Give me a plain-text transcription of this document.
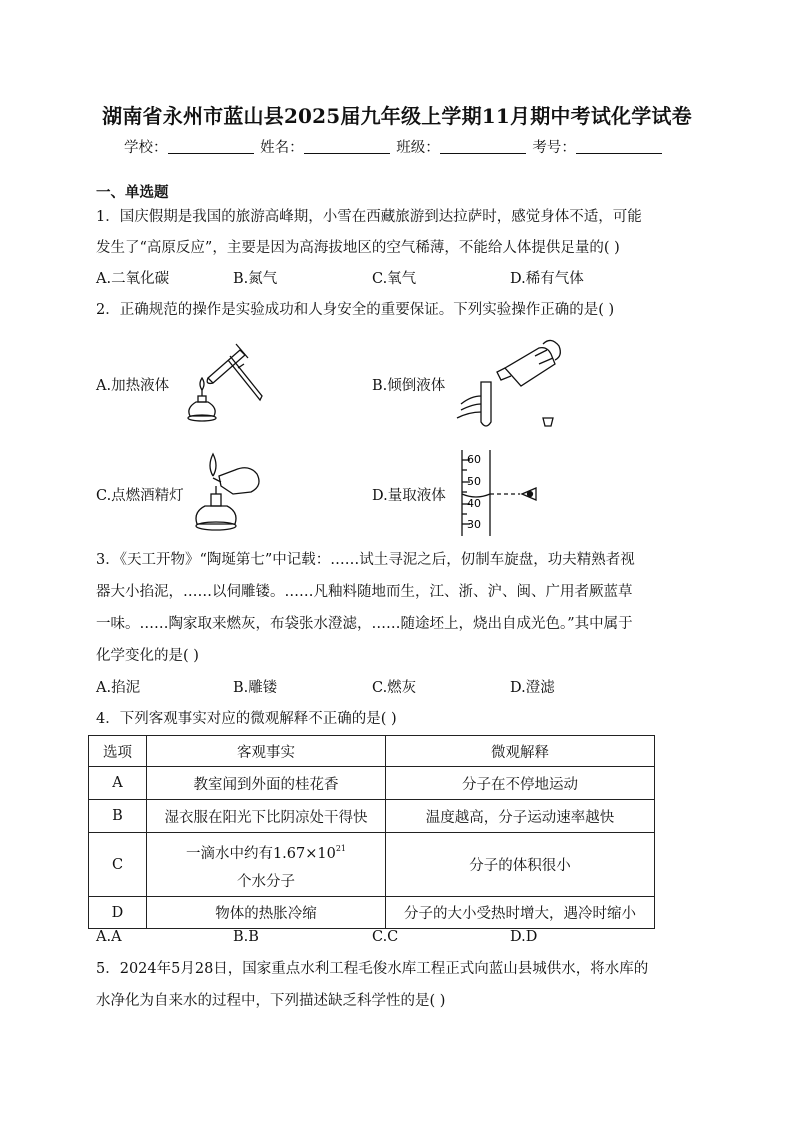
湖南省永州市蓝山县2025届九年级上学期11月期中考试化学试卷
学校：	姓名：	班级：	考号：
一、单选题
1．国庆假期是我国的旅游高峰期，小雪在西藏旅游到达拉萨时，感觉身体不适，可能
发生了“高原反应”，主要是因为高海拔地区的空气稀薄，不能给人体提供足量的( )
A.二氧化碳	B.氮气	C.氧气	D.稀有气体
2．正确规范的操作是实验成功和人身安全的重要保证。下列实验操作正确的是( )
A.加热液体	B.倾倒液体
C.点燃酒精灯	D.量取液体
60
50
40
30
3．《天工开物》“陶埏第七”中记载：……试土寻泥之后，仞制车旋盘，功夫精熟者视
器大小掐泥，……以伺雕镂。……凡釉料随地而生，江、浙、沪、闽、广用者厥蓝草
一味。……陶家取来燃灰，布袋张水澄滤，……随途坯上，烧出自成光色。”其中属于
化学变化的是( )
A.掐泥	B.雕镂	C.燃灰	D.澄滤
4．下列客观事实对应的微观解释不正确的是( )
选项	客观事实	微观解释
A	教室闻到外面的桂花香	分子在不停地运动
B	湿衣服在阳光下比阴凉处干得快	温度越高，分子运动速率越快
C	一滴水中约有$1.67\times 10^{21}$
个水分子	分子的体积很小
D	物体的热胀冷缩	分子的大小受热时增大，遇冷时缩小
A.A	B.B	C.C	D.D
5．2024年5月28日，国家重点水利工程毛俊水库工程正式向蓝山县城供水，将水库的
水净化为自来水的过程中，下列描述缺乏科学性的是( )
